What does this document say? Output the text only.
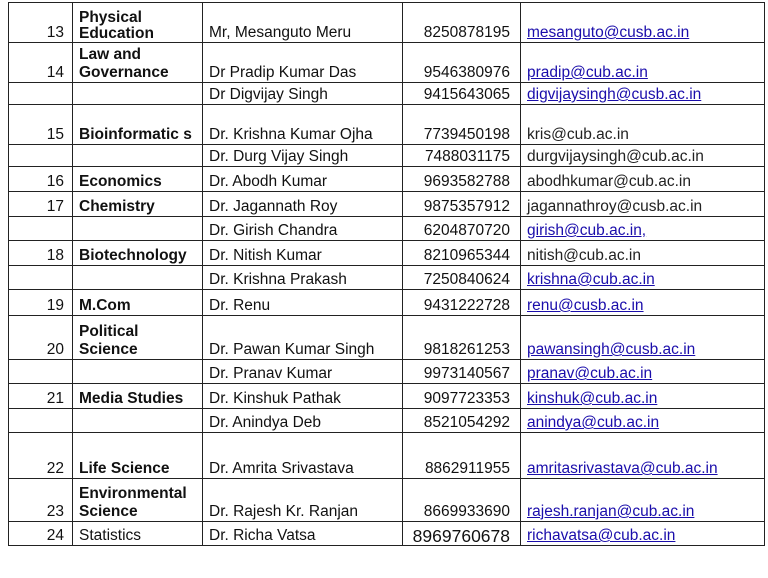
13	Physical Education	Mr, Mesanguto Meru	8250878195	mesanguto@cusb.ac.in
14	Law and Governance	Dr Pradip Kumar Das	9546380976	pradip@cub.ac.in
		Dr Digvijay Singh	9415643065	digvijaysingh@cusb.ac.in
15	Bioinformatic s	Dr. Krishna Kumar Ojha	7739450198	kris@cub.ac.in
		Dr. Durg Vijay Singh	7488031175	durgvijaysingh@cub.ac.in
16	Economics	Dr. Abodh Kumar	9693582788	abodhkumar@cub.ac.in
17	Chemistry	Dr. Jagannath Roy	9875357912	jagannathroy@cusb.ac.in
		Dr. Girish Chandra	6204870720	girish@cub.ac.in,
18	Biotechnology	Dr. Nitish Kumar	8210965344	nitish@cub.ac.in
		Dr. Krishna Prakash	7250840624	krishna@cub.ac.in
19	M.Com	Dr. Renu	9431222728	renu@cusb.ac.in
20	Political Science	Dr. Pawan Kumar Singh	9818261253	pawansingh@cusb.ac.in
		Dr. Pranav Kumar	9973140567	pranav@cub.ac.in
21	Media Studies	Dr. Kinshuk Pathak	9097723353	kinshuk@cub.ac.in
		Dr. Anindya Deb	8521054292	anindya@cub.ac.in
22	Life Science	Dr. Amrita Srivastava	8862911955	amritasrivastava@cub.ac.in
23	Environmental Science	Dr. Rajesh Kr. Ranjan	8669933690	rajesh.ranjan@cub.ac.in
24	Statistics	Dr. Richa Vatsa	8969760678	richavatsa@cub.ac.in
